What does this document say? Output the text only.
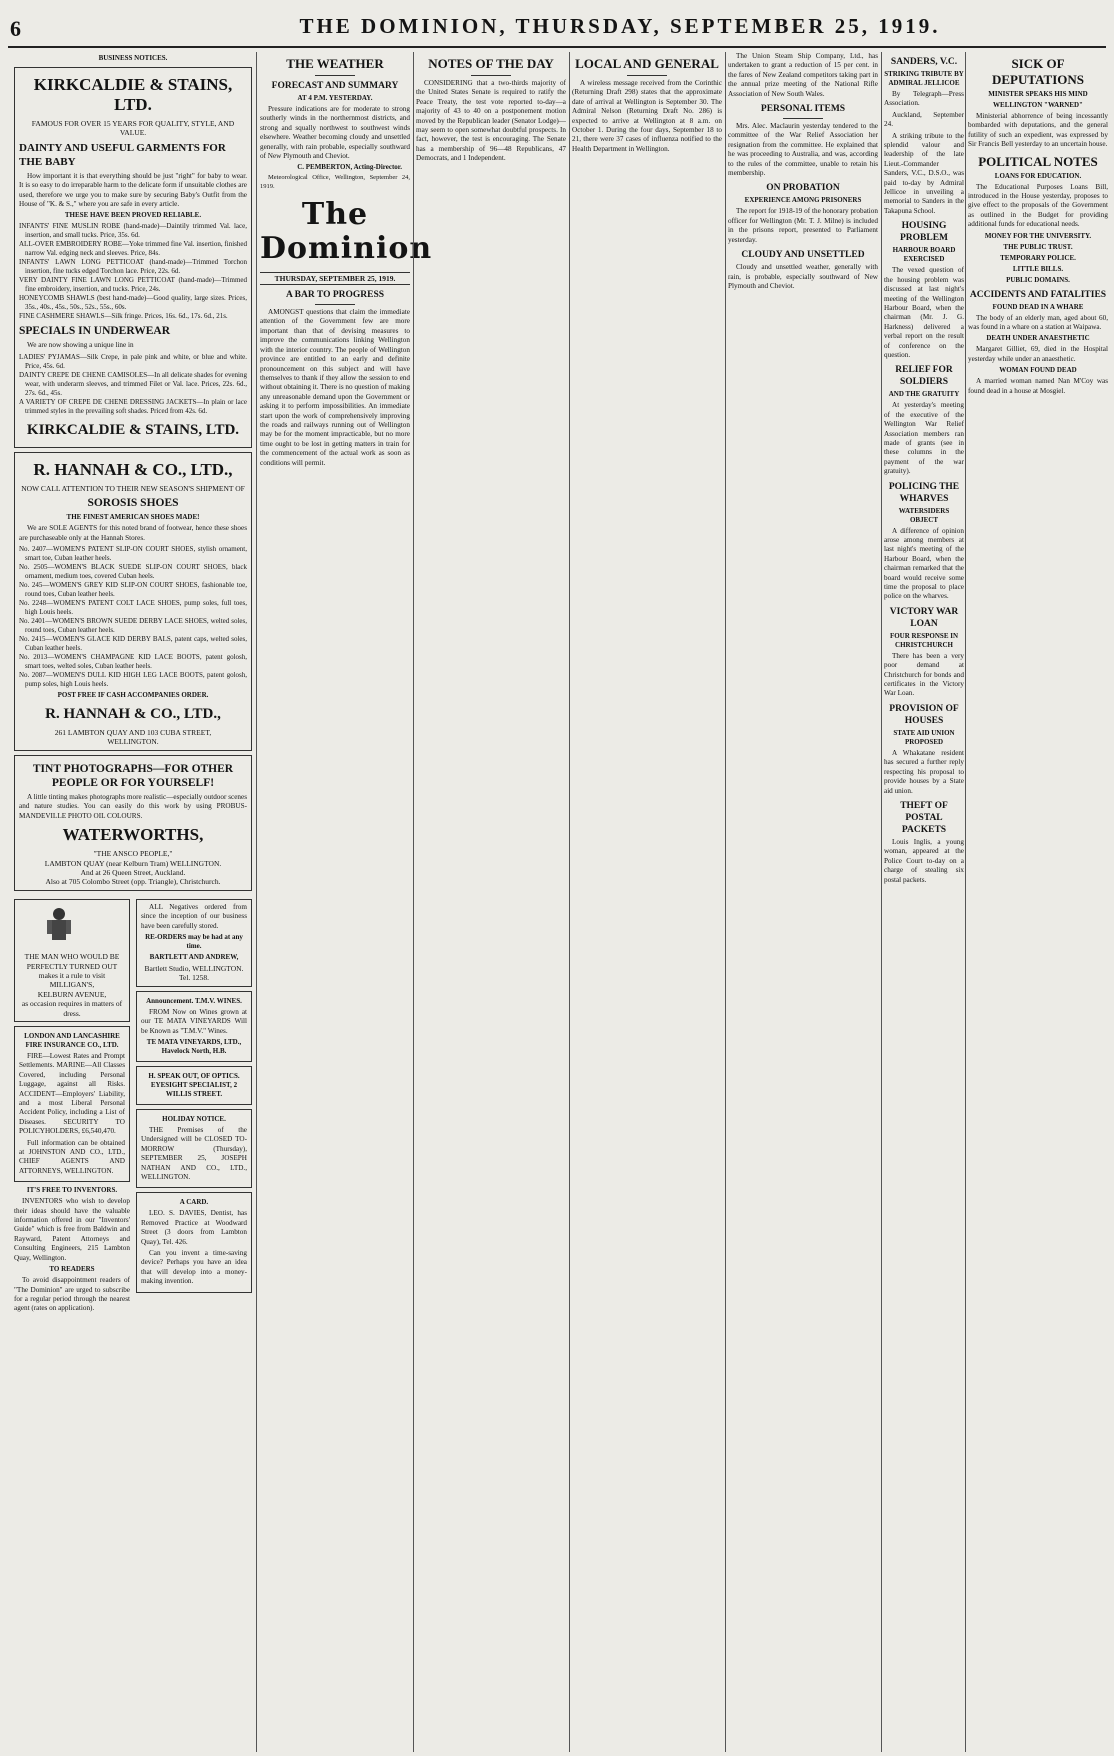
6	THE DOMINION, THURSDAY, SEPTEMBER 25, 1919.
BUSINESS NOTICES.
KIRKCALDIE & STAINS, LTD.
FAMOUS FOR OVER 15 YEARS FOR QUALITY, STYLE, AND VALUE.
DAINTY AND USEFUL GARMENTS FOR THE BABY
How important it is that everything should be just "right" for baby to wear. It is so easy to do irreparable harm to the delicate form if unsuitable clothes are used, therefore we urge you to make sure by securing Baby's Outfit from the House of "K. & S.," where you are safe in every article.
THESE HAVE BEEN PROVED RELIABLE.
INFANTS' FINE MUSLIN ROBE (hand-made)—Daintily trimmed Val. lace, insertion, and small tucks. Price, 35s. 6d.
ALL-OVER EMBROIDERY ROBE—Yoke trimmed fine Val. insertion, finished narrow Val. edging neck and sleeves. Price, 84s.
INFANTS' LAWN LONG PETTICOAT (hand-made)—Trimmed Torchon insertion, fine tucks edged Torchon lace. Price, 22s. 6d.
VERY DAINTY FINE LAWN LONG PETTICOAT (hand-made)—Trimmed fine embroidery, insertion, and tucks. Price, 24s.
HONEYCOMB SHAWLS (best hand-made)—Good quality, large sizes. Prices, 35s., 40s., 45s., 50s., 52s., 55s., 60s.
FINE CASHMERE SHAWLS—Silk fringe. Prices, 16s. 6d., 17s. 6d., 21s.
SPECIALS IN UNDERWEAR
We are now showing a unique line in
LADIES' PYJAMAS—Silk Crepe, in pale pink and white, or blue and white. Price, 45s. 6d.
DAINTY CREPE DE CHENE CAMISOLES—In all delicate shades for evening wear, with underarm sleeves, and trimmed Filet or Val. lace. Prices, 22s. 6d., 27s. 6d., 45s.
A VARIETY OF CREPE DE CHENE DRESSING JACKETS—In plain or lace trimmed styles in the prevailing soft shades. Priced from 42s. 6d.
KIRKCALDIE & STAINS, LTD.
R. HANNAH & CO., LTD.,
NOW CALL ATTENTION TO THEIR NEW SEASON'S SHIPMENT OF
SOROSIS SHOES
THE FINEST AMERICAN SHOES MADE!
We are SOLE AGENTS for this noted brand of footwear, hence these shoes are purchaseable only at the Hannah Stores.
No. 2407—WOMEN'S PATENT SLIP-ON COURT SHOES, stylish ornament, smart toe, Cuban leather heels.
No. 2505—WOMEN'S BLACK SUEDE SLIP-ON COURT SHOES, black ornament, medium toes, covered Cuban heels.
No. 245—WOMEN'S GREY KID SLIP-ON COURT SHOES, fashionable toe, round toes, Cuban leather heels.
No. 2248—WOMEN'S PATENT COLT LACE SHOES, pump soles, full toes, high Louis heels.
No. 2401—WOMEN'S BROWN SUEDE DERBY LACE SHOES, welted soles, round toes, Cuban leather heels.
No. 2415—WOMEN'S GLACE KID DERBY BALS, patent caps, welted soles, Cuban leather heels.
No. 2013—WOMEN'S CHAMPAGNE KID LACE BOOTS, patent golosh, smart toes, welted soles, Cuban leather heels.
No. 2087—WOMEN'S DULL KID HIGH LEG LACE BOOTS, patent golosh, pump soles, high Louis heels.
POST FREE IF CASH ACCOMPANIES ORDER.
R. HANNAH & CO., LTD.,
261 LAMBTON QUAY AND 103 CUBA STREET,
WELLINGTON.
TINT PHOTOGRAPHS—FOR OTHER PEOPLE OR FOR YOURSELF!
A little tinting makes photographs more realistic—especially outdoor scenes and nature studies. You can easily do this work by using PROBUS-MANDEVILLE PHOTO OIL COLOURS.
WATERWORTHS,
"THE ANSCO PEOPLE,"
LAMBTON QUAY (near Kelburn Tram) WELLINGTON.
And at 26 Queen Street, Auckland.
Also at 705 Colombo Street (opp. Triangle), Christchurch.
THE MAN WHO WOULD BE PERFECTLY TURNED OUT
makes it a rule to visit
MILLIGAN'S,
KELBURN AVENUE,
as occasion requires in matters of dress.
LONDON AND LANCASHIRE FIRE INSURANCE CO., LTD.
FIRE—Lowest Rates and Prompt Settlements. MARINE—All Classes Covered, including Personal Luggage, against all Risks. ACCIDENT—Employers' Liability, and a most Liberal Personal Accident Policy, including a List of Diseases. SECURITY TO POLICYHOLDERS, £6,540,470.
Full information can be obtained at JOHNSTON AND CO., LTD., CHIEF AGENTS AND ATTORNEYS, WELLINGTON.
IT'S FREE TO INVENTORS.
INVENTORS who wish to develop their ideas should have the valuable information offered in our "Inventors' Guide" which is free from Baldwin and Rayward, Patent Attorneys and Consulting Engineers, 215 Lambton Quay, Wellington.
TO READERS
To avoid disappointment readers of "The Dominion" are urged to subscribe for a regular period through the nearest agent (rates on application).
ALL Negatives ordered from since the inception of our business have been carefully stored.
RE-ORDERS may be had at any time.
BARTLETT AND ANDREW,
Bartlett Studio, WELLINGTON.
Tel. 1258.
Announcement. T.M.V. WINES.
FROM Now on Wines grown at our TE MATA VINEYARDS Will be Known as "T.M.V." Wines.
TE MATA VINEYARDS, LTD., Havelock North, H.B.
H. SPEAK OUT, OF OPTICS. EYESIGHT SPECIALIST, 2 WILLIS STREET.
HOLIDAY NOTICE.
THE Premises of the Undersigned will be CLOSED TO-MORROW (Thursday), SEPTEMBER 25, JOSEPH NATHAN AND CO., LTD., WELLINGTON.
A CARD.
LEO. S. DAVIES, Dentist, has Removed Practice at Woodward Street (3 doors from Lambton Quay), Tel. 426.
Can you invent a time-saving device? Perhaps you have an idea that will develop into a money-making invention.
THE WEATHER
FORECAST AND SUMMARY
AT 4 P.M. YESTERDAY.
Pressure indications are for moderate to strong southerly winds in the northernmost districts, and strong and squally northwest to southwest winds elsewhere. Weather becoming cloudy and unsettled generally, with rain probable, especially southward of New Plymouth and Cheviot.
C. PEMBERTON, Acting-Director.
Meteorological Office, Wellington, September 24, 1919.
The Dominion
THURSDAY, SEPTEMBER 25, 1919.
A BAR TO PROGRESS
AMONGST questions that claim the immediate attention of the Government few are more important than that of devising measures to improve the communications linking Wellington with the interior country. The people of Wellington province are entitled to an early and definite pronouncement on this subject and will have themselves to thank if they allow the session to end without obtaining it. There is no question of making any unreasonable demand upon the Government or asking it to perform impossibilities. An immediate start upon the work of comprehensively improving the roads and railways running out of Wellington may be for the moment impracticable, but no more time ought to be lost in getting matters in train for the commencement of the actual work as soon as conditions will permit.
NOTES OF THE DAY
CONSIDERING that a two-thirds majority of the United States Senate is required to ratify the Peace Treaty, the test vote reported to-day—a majority of 43 to 40 on a postponement motion moved by the Republican leader (Senator Lodge)—may seem to open somewhat doubtful prospects. In fact, however, the test is encouraging. The Senate has a membership of 96—48 Republicans, 47 Democrats, and 1 Independent.
LOCAL AND GENERAL
A wireless message received from the Corinthic (Returning Draft 298) states that the approximate date of arrival at Wellington is September 30. The Admiral Nelson (Returning Draft No. 286) is expected to arrive at Wellington at 8 a.m. on October 1. During the four days, September 18 to 21, there were 37 cases of influenza notified to the Health Department in Wellington.
The Union Steam Ship Company, Ltd., has undertaken to grant a reduction of 15 per cent. in the fares of New Zealand competitors taking part in the annual prize meeting of the National Rifle Association of New South Wales.
PERSONAL ITEMS
Mrs. Alec. Maclaurin yesterday tendered to the committee of the War Relief Association her resignation from the committee. He explained that he was proceeding to Australia, and was, according to the rules of the committee, unable to retain his membership.
ON PROBATION
EXPERIENCE AMONG PRISONERS
The report for 1918-19 of the honorary probation officer for Wellington (Mr. T. J. Milne) is included in the prisons report, presented to Parliament yesterday.
CLOUDY AND UNSETTLED
Cloudy and unsettled weather, generally with rain, is probable, especially southward of New Plymouth and Cheviot.
SANDERS, V.C.
STRIKING TRIBUTE BY ADMIRAL JELLICOE
By Telegraph—Press Association.
Auckland, September 24.
A striking tribute to the splendid valour and leadership of the late Lieut.-Commander Sanders, V.C., D.S.O., was paid to-day by Admiral Jellicoe in unveiling a memorial to Sanders in the Takapuna School.
HOUSING PROBLEM
HARBOUR BOARD EXERCISED
The vexed question of the housing problem was discussed at last night's meeting of the Wellington Harbour Board, when the chairman (Mr. J. G. Harkness) delivered a verbal report on the result of conference on the question.
RELIEF FOR SOLDIERS
AND THE GRATUITY
At yesterday's meeting of the executive of the Wellington War Relief Association members ran made of grants (see in these columns in the payment of the war gratuity).
POLICING THE WHARVES
WATERSIDERS OBJECT
A difference of opinion arose among members at last night's meeting of the Harbour Board, when the chairman remarked that the board would receive some time the proposal to place police on the wharves.
VICTORY WAR LOAN
FOUR RESPONSE IN CHRISTCHURCH
There has been a very poor demand at Christchurch for bonds and certificates in the Victory War Loan.
PROVISION OF HOUSES
STATE AID UNION PROPOSED
A Whakatane resident has secured a further reply respecting his proposal to provide houses by a State aid union.
THEFT OF POSTAL PACKETS
Louis Inglis, a young woman, appeared at the Police Court to-day on a charge of stealing six postal packets.
SICK OF DEPUTATIONS
MINISTER SPEAKS HIS MIND
WELLINGTON "WARNED"
Ministerial abhorrence of being incessantly bombarded with deputations, and the general futility of such an expedient, was expressed by Sir Francis Bell yesterday to an uncertain house.
POLITICAL NOTES
LOANS FOR EDUCATION.
The Educational Purposes Loans Bill, introduced in the House yesterday, proposes to give effect to the proposals of the Government as outlined in the Budget for providing additional funds for educational needs.
MONEY FOR THE UNIVERSITY.
THE PUBLIC TRUST.
TEMPORARY POLICE.
LITTLE BILLS.
PUBLIC DOMAINS.
ACCIDENTS AND FATALITIES
FOUND DEAD IN A WHARE
The body of an elderly man, aged about 60, was found in a whare on a station at Waipawa.
DEATH UNDER ANAESTHETIC
Margaret Gilliet, 69, died in the Hospital yesterday while under an anaesthetic.
WOMAN FOUND DEAD
A married woman named Nan M'Coy was found dead in a house at Mosgiel.
